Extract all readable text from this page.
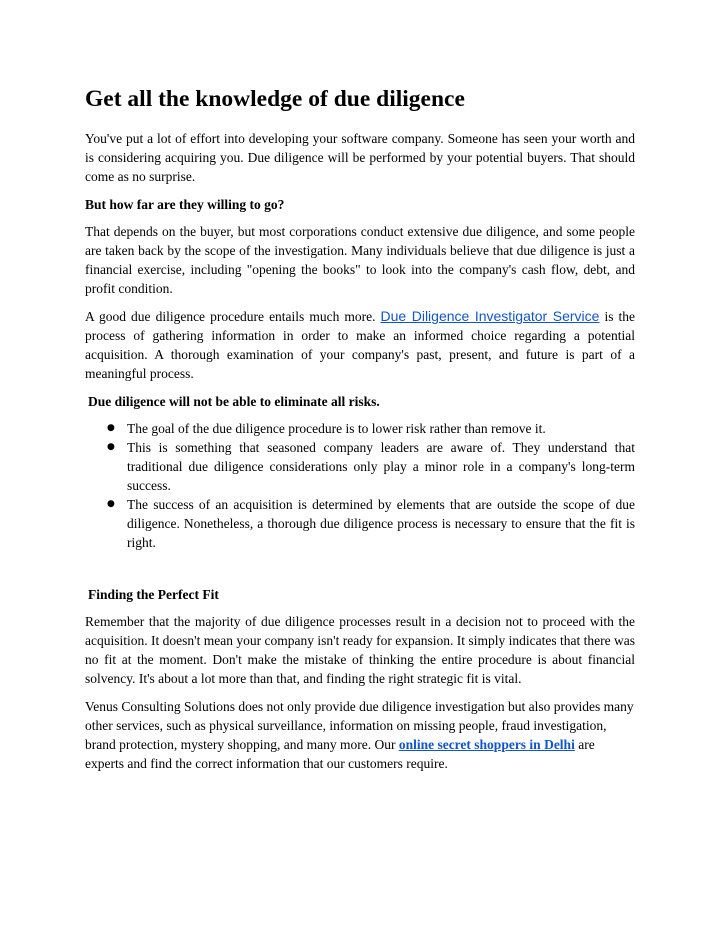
Get all the knowledge of due diligence

You've put a lot of effort into developing your software company. Someone has seen your worth and is considering acquiring you. Due diligence will be performed by your potential buyers. That should come as no surprise.

But how far are they willing to go?

That depends on the buyer, but most corporations conduct extensive due diligence, and some people are taken back by the scope of the investigation. Many individuals believe that due diligence is just a financial exercise, including "opening the books" to look into the company's cash flow, debt, and profit condition.

A good due diligence procedure entails much more. Due Diligence Investigator Service is the process of gathering information in order to make an informed choice regarding a potential acquisition. A thorough examination of your company's past, present, and future is part of a meaningful process.

Due diligence will not be able to eliminate all risks.

● The goal of the due diligence procedure is to lower risk rather than remove it.
● This is something that seasoned company leaders are aware of. They understand that traditional due diligence considerations only play a minor role in a company's long-term success.
● The success of an acquisition is determined by elements that are outside the scope of due diligence. Nonetheless, a thorough due diligence process is necessary to ensure that the fit is right.

Finding the Perfect Fit

Remember that the majority of due diligence processes result in a decision not to proceed with the acquisition. It doesn't mean your company isn't ready for expansion. It simply indicates that there was no fit at the moment. Don't make the mistake of thinking the entire procedure is about financial solvency. It's about a lot more than that, and finding the right strategic fit is vital.

Venus Consulting Solutions does not only provide due diligence investigation but also provides many other services, such as physical surveillance, information on missing people, fraud investigation, brand protection, mystery shopping, and many more. Our online secret shoppers in Delhi are experts and find the correct information that our customers require.
